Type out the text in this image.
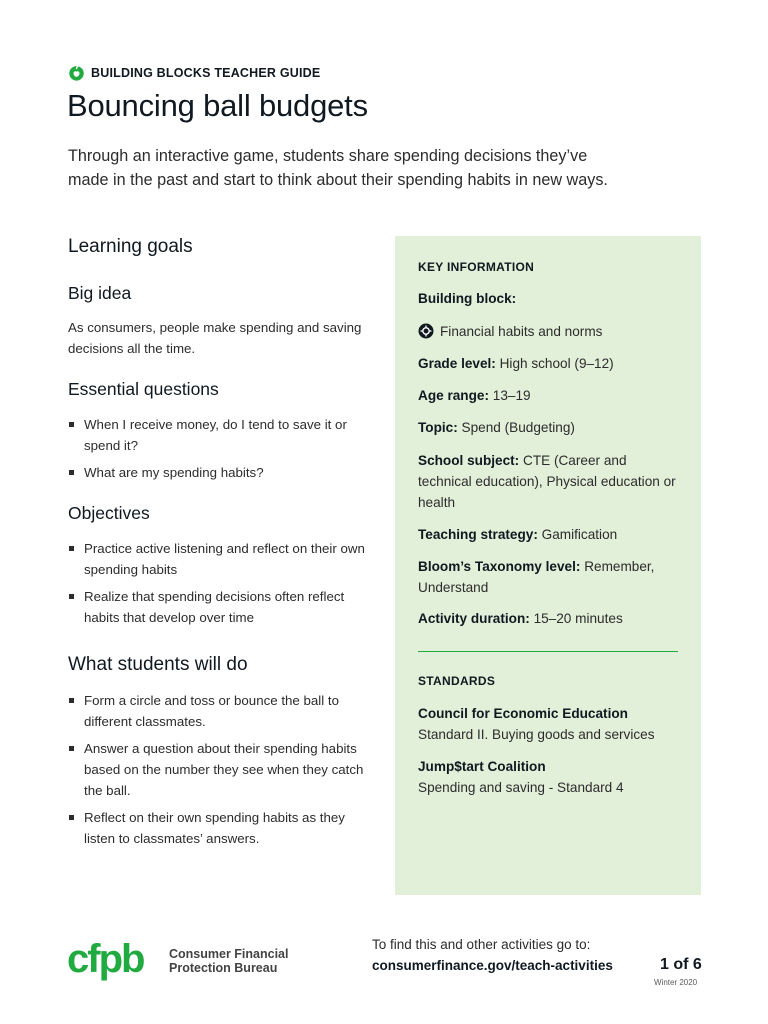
BUILDING BLOCKS TEACHER GUIDE
Bouncing ball budgets

Through an interactive game, students share spending decisions they’ve made in the past and start to think about their spending habits in new ways.

Learning goals
Big idea

As consumers, people make spending and saving decisions all the time.

Essential questions
When I receive money, do I tend to save it or spend it?
What are my spending habits?
Objectives
Practice active listening and reflect on their own spending habits
Realize that spending decisions often reflect habits that develop over time
What students will do
Form a circle and toss or bounce the ball to different classmates.
Answer a question about their spending habits based on the number they see when they catch the ball.
Reflect on their own spending habits as they listen to classmates’ answers.
KEY INFORMATION
Building block:
Financial habits and norms
Grade level: High school (9–12)
Age range: 13–19
Topic: Spend (Budgeting)
School subject: CTE (Career and technical education), Physical education or health
Teaching strategy: Gamification
Bloom’s Taxonomy level: Remember, Understand
Activity duration: 15–20 minutes
STANDARDS
Council for Economic Education
Standard II. Buying goods and services
Jump$tart Coalition
Spending and saving - Standard 4
cfpb Consumer Financial
Protection Bureau
To find this and other activities go to:
consumerfinance.gov/teach-activities	1 of 6
Winter 2020
